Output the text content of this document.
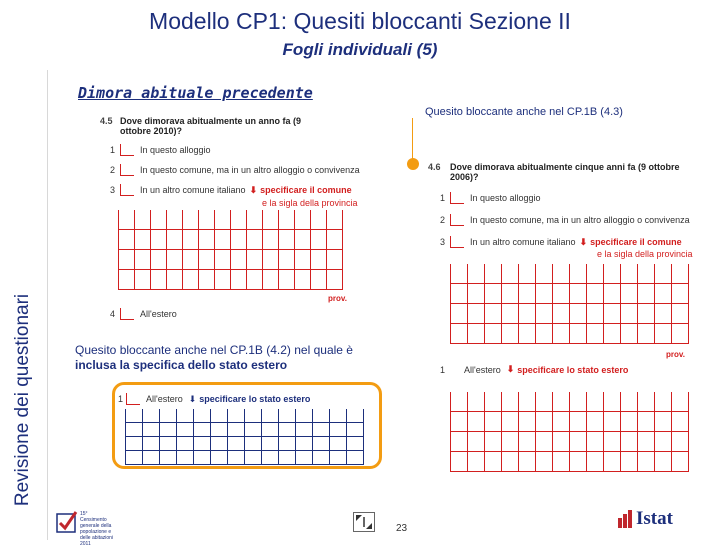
Modello CP1: Quesiti bloccanti Sezione II
Fogli individuali (5)
Revisione dei questionari
Dimora abituale precedente
4.5 Dove dimorava abitualmente un anno fa (9 ottobre 2010)?
1	In questo alloggio
2	In questo comune, ma in un altro alloggio o convivenza
3	In un altro comune italiano ⬇ specificare il comune
e la sigla della provincia
prov.
4	All'estero
Quesito bloccante anche nel CP.1B (4.3)
4.6 Dove dimorava abitualmente cinque anni fa (9 ottobre 2006)?
1	In questo alloggio
2	In questo comune, ma in un altro alloggio o convivenza
3	In un altro comune italiano ⬇ specificare il comune
e la sigla della provincia
prov.
1	All'estero ⬇ specificare lo stato estero
Quesito bloccante anche nel CP.1B (4.2) nel quale è inclusa la specifica dello stato estero
1	All'estero ⬇ specificare lo stato estero
15° Censimento generale della popolazione e delle abitazioni 2011
23	Istat
